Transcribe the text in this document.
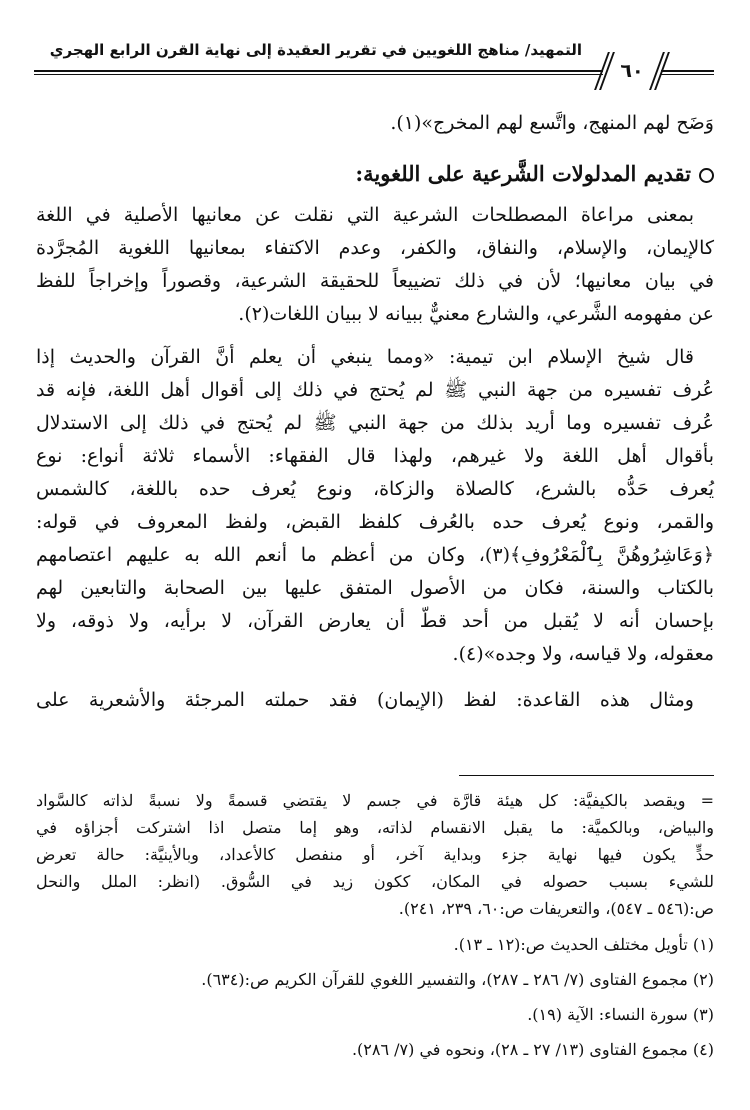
التمهيد/ مناهج اللغويين في تقرير العقيدة إلى نهاية القرن الرابع الهجري
٦٠
وَضَح لهم المنهج، واتَّسع لهم المخرج»(١).
تقديم المدلولات الشَّرعية على اللغوية:
بمعنى مراعاة المصطلحات الشرعية التي نقلت عن معانيها الأصلية في اللغة
كالإيمان، والإسلام، والنفاق، والكفر، وعدم الاكتفاء بمعانيها اللغوية المُجرَّدة
في بيان معانيها؛ لأن في ذلك تضييعاً للحقيقة الشرعية، وقصوراً وإخراجاً للفظ
عن مفهومه الشَّرعي، والشارع معنيٌّ ببيانه لا ببيان اللغات(٢).
قال شيخ الإسلام ابن تيمية: «ومما ينبغي أن يعلم أنَّ القرآن والحديث إذا
عُرف تفسيره من جهة النبي ﷺ لم يُحتج في ذلك إلى أقوال أهل اللغة، فإنه قد
عُرف تفسيره وما أريد بذلك من جهة النبي ﷺ لم يُحتج في ذلك إلى الاستدلال
بأقوال أهل اللغة ولا غيرهم، ولهذا قال الفقهاء: الأسماء ثلاثة أنواع: نوع
يُعرف حَدُّه بالشرع، كالصلاة والزكاة، ونوع يُعرف حده باللغة، كالشمس
والقمر، ونوع يُعرف حده بالعُرف كلفظ القبض، ولفظ المعروف في قوله:
﴿وَعَاشِرُوهُنَّ بِٱلْمَعْرُوفِ﴾(٣)، وكان من أعظم ما أنعم الله به عليهم اعتصامهم
بالكتاب والسنة، فكان من الأصول المتفق عليها بين الصحابة والتابعين لهم
بإحسان أنه لا يُقبل من أحد قطّ أن يعارض القرآن، لا برأيه، ولا ذوقه، ولا
معقوله، ولا قياسه، ولا وجده»(٤).
ومثال هذه القاعدة: لفظ (الإيمان) فقد حملته المرجئة والأشعرية على
= ويقصد بالكيفيَّة: كل هيئة قارَّة في جسم لا يقتضي قسمةً ولا نسبةً لذاته كالسَّواد
والبياض، وبالكميَّة: ما يقبل الانقسام لذاته، وهو إما متصل اذا اشتركت أجزاؤه في
حدٍّ يكون فيها نهاية جزء وبداية آخر، أو منفصل كالأعداد، وبالأينيَّة: حالة تعرض
للشيء بسبب حصوله في المكان، ككون زيد في السُّوق. (انظر: الملل والنحل
ص:(٥٤٦ ـ ٥٤٧)، والتعريفات ص:٦٠، ٢٣٩، ٢٤١).
(١) تأويل مختلف الحديث ص:(١٢ ـ ١٣).
(٢) مجموع الفتاوى (٧/ ٢٨٦ ـ ٢٨٧)، والتفسير اللغوي للقرآن الكريم ص:(٦٣٤).
(٣) سورة النساء: الآية (١٩).
(٤) مجموع الفتاوى (١٣/ ٢٧ ـ ٢٨)، ونحوه في (٧/ ٢٨٦).
